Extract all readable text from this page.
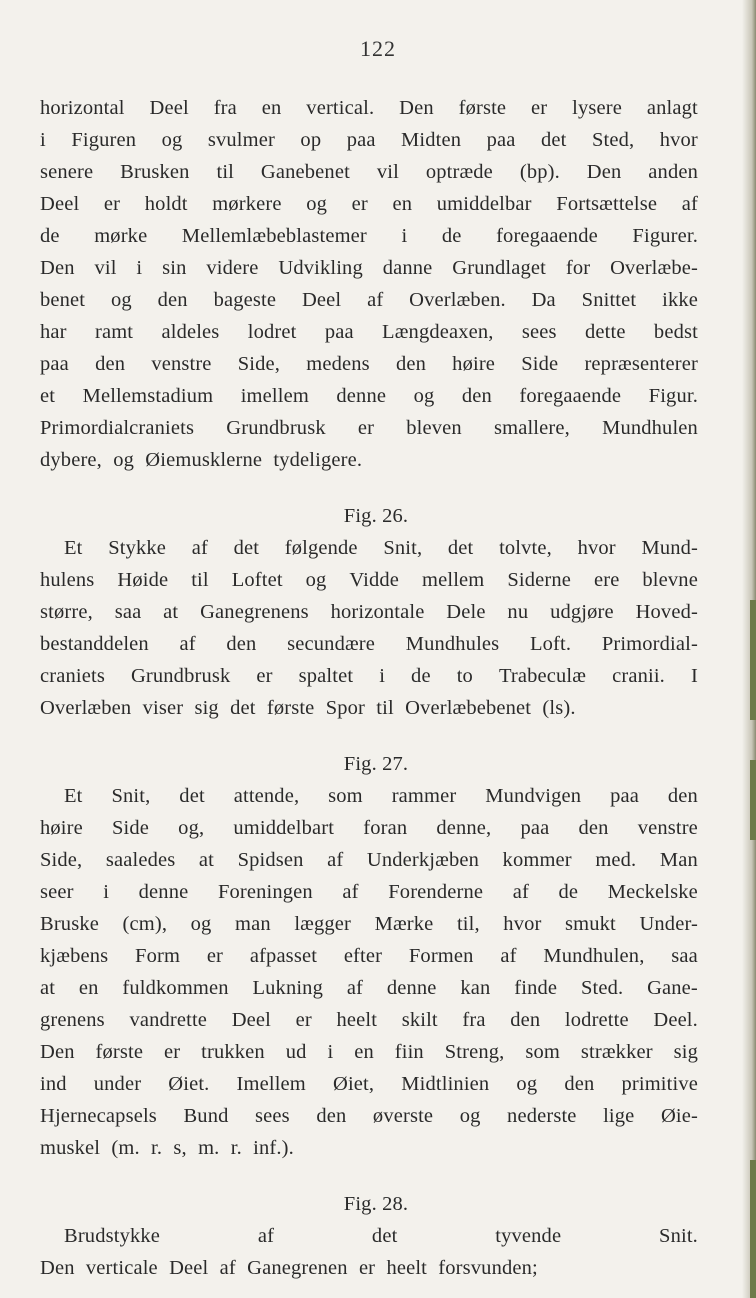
122
horizontal Deel fra en vertical. Den første er lysere anlagt
i Figuren og svulmer op paa Midten paa det Sted, hvor
senere Brusken til Ganebenet vil optræde (bp). Den anden
Deel er holdt mørkere og er en umiddelbar Fortsættelse af
de mørke Mellemlæbeblastemer i de foregaaende Figurer.
Den vil i sin videre Udvikling danne Grundlaget for Overlæbe-
benet og den bageste Deel af Overlæben. Da Snittet ikke
har ramt aldeles lodret paa Længdeaxen, sees dette bedst
paa den venstre Side, medens den høire Side repræsenterer
et Mellemstadium imellem denne og den foregaaende Figur.
Primordialcraniets Grundbrusk er bleven smallere, Mundhulen
dybere, og Øiemusklerne tydeligere.
Fig. 26.
Et Stykke af det følgende Snit, det tolvte, hvor Mund-
hulens Høide til Loftet og Vidde mellem Siderne ere blevne
større, saa at Ganegrenens horizontale Dele nu udgjøre Hoved-
bestanddelen af den secundære Mundhules Loft. Primordial-
craniets Grundbrusk er spaltet i de to Trabeculæ cranii. I
Overlæben viser sig det første Spor til Overlæbebenet (ls).
Fig. 27.
Et Snit, det attende, som rammer Mundvigen paa den
høire Side og, umiddelbart foran denne, paa den venstre
Side, saaledes at Spidsen af Underkjæben kommer med. Man
seer i denne Foreningen af Forenderne af de Meckelske
Bruske (cm), og man lægger Mærke til, hvor smukt Under-
kjæbens Form er afpasset efter Formen af Mundhulen, saa
at en fuldkommen Lukning af denne kan finde Sted. Gane-
grenens vandrette Deel er heelt skilt fra den lodrette Deel.
Den første er trukken ud i en fiin Streng, som strækker sig
ind under Øiet. Imellem Øiet, Midtlinien og den primitive
Hjernecapsels Bund sees den øverste og nederste lige Øie-
muskel (m. r. s, m. r. inf.).
Fig. 28.
Brudstykke	af	det	tyvende	Snit.
Den verticale Deel af Ganegrenen er heelt forsvunden;
